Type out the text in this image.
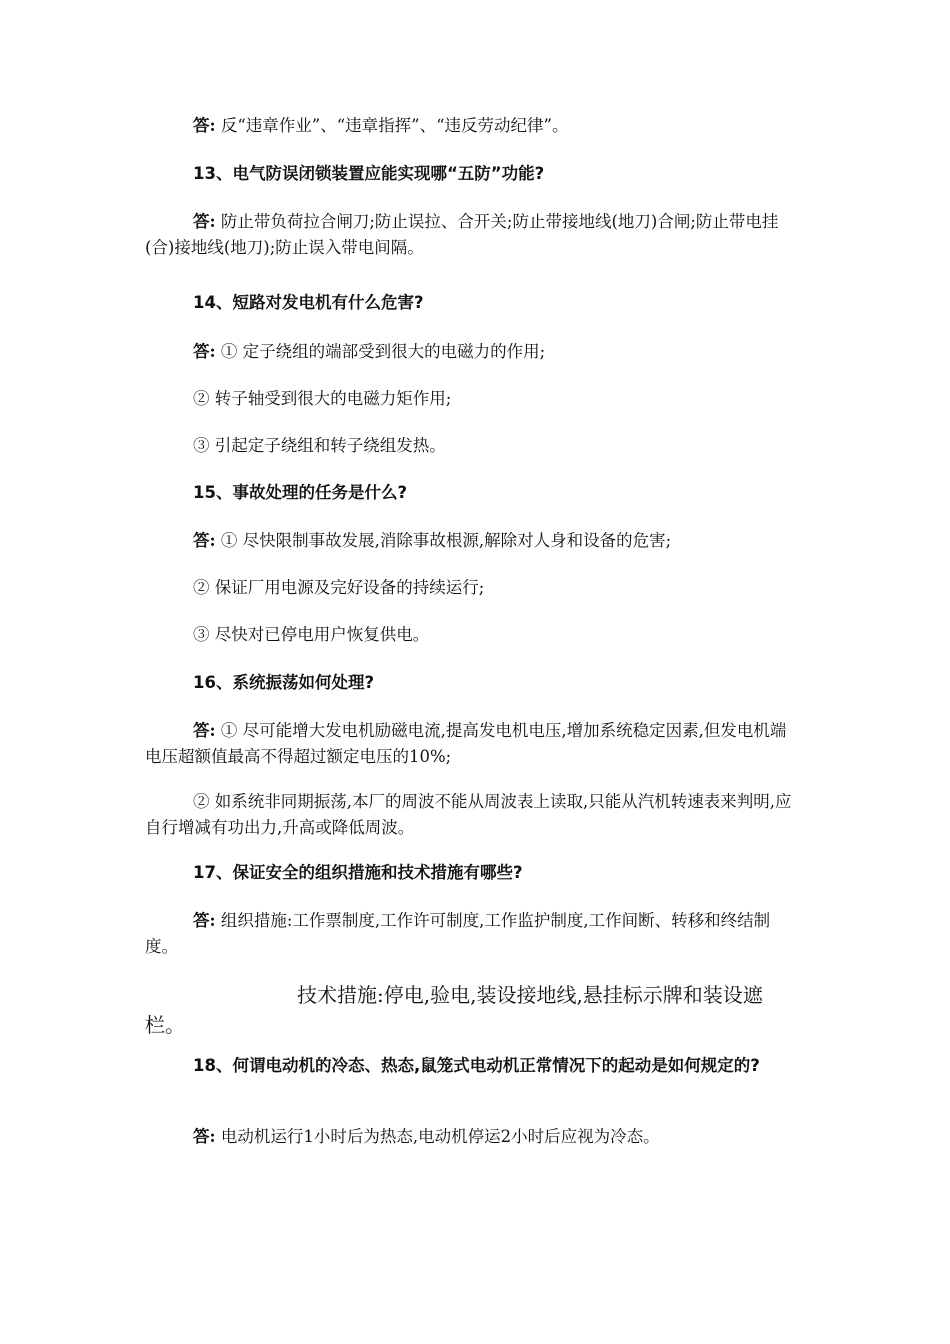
答: 反“违章作业”、“违章指挥”、“违反劳动纪律”。

13、电气防误闭锁装置应能实现哪“五防”功能?

答: 防止带负荷拉合闸刀;防止误拉、合开关;防止带接地线(地刀)合闸;防止带电挂(合)接地线(地刀);防止误入带电间隔。

14、短路对发电机有什么危害?

答: ① 定子绕组的端部受到很大的电磁力的作用;

② 转子轴受到很大的电磁力矩作用;

③ 引起定子绕组和转子绕组发热。

15、事故处理的任务是什么?

答: ① 尽快限制事故发展,消除事故根源,解除对人身和设备的危害;

② 保证厂用电源及完好设备的持续运行;

③ 尽快对已停电用户恢复供电。

16、系统振荡如何处理?

答: ① 尽可能增大发电机励磁电流,提高发电机电压,增加系统稳定因素,但发电机端电压超额值最高不得超过额定电压的10%;

② 如系统非同期振荡,本厂的周波不能从周波表上读取,只能从汽机转速表来判明,应自行增减有功出力,升高或降低周波。

17、保证安全的组织措施和技术措施有哪些?

答: 组织措施:工作票制度,工作许可制度,工作监护制度,工作间断、转移和终结制度。

技术措施:停电,验电,装设接地线,悬挂标示牌和装设遮栏。

18、何谓电动机的冷态、热态,鼠笼式电动机正常情况下的起动是如何规定的?

答: 电动机运行1小时后为热态,电动机停运2小时后应视为冷态。
